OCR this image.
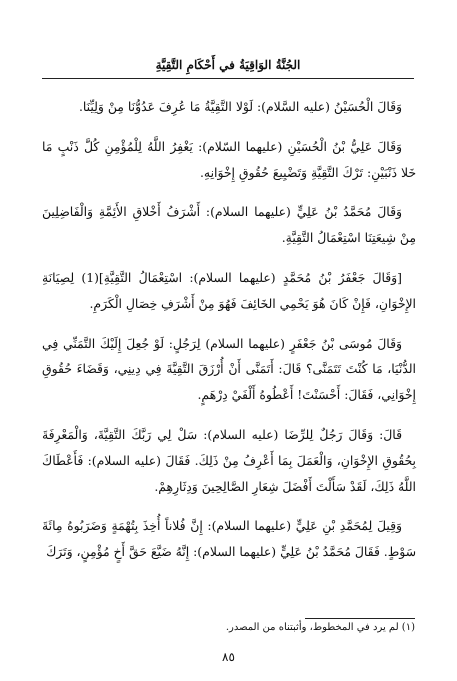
الجُنَّةُ الوَاقِيَةُ في أَحْكَامِ التَّقِيَّةِ

وَقَالَ الْحُسَيْنُ (عليه السَّلام): لَوْلا التَّقِيَّةُ مَا عُرِفَ عَدُوُّنَا مِنْ وَلِيِّنَا.

وَقَالَ عَلِيُّ بْنُ الْحُسَيْنِ (عليهما السّلام): يَغْفِرُ اللَّهُ لِلْمُؤْمِنِ كُلَّ ذَنْبٍ مَا خَلا ذَنْبَيْنِ: تَرْكَ التَّقِيَّةِ وَتَضْيِيعَ حُقُوقِ إِخْوَانِهِ.

وَقَالَ مُحَمَّدُ بْنُ عَلِيٍّ (عليهما السلام): أَشْرَفُ أَخْلاقِ الأَئِمَّةِ وَالْفَاضِلِينَ مِنْ شِيعَتِنَا اسْتِعْمَالُ التَّقِيَّةِ.

[وَقَالَ جَعْفَرُ بْنُ مُحَمَّدٍ (عليهما السلام): اسْتِعْمَالُ التَّقِيَّةِ](1) لِصِيَانَةِ الإِخْوَانِ، فَإِنْ كَانَ هُوَ يَحْمِي الخَائِفَ فَهُوَ مِنْ أَشْرَفِ خِصَالِ الْكَرَمِ.

وَقَالَ مُوسَى بْنُ جَعْفَرٍ (عليهما السلام) لِرَجُلٍ: لَوْ جُعِلَ إِلَيْكَ التَّمَنِّي فِي الدُّنْيَا، مَا كُنْتَ تَتَمَنَّى؟ قَالَ: أَتَمَنَّى أَنْ أُرْزَقَ التَّقِيَّةَ فِي دِينِي، وَقَضَاءَ حُقُوقِ إِخْوَانِي، فَقَالَ: أَحْسَنْتَ! أَعْطُوهُ أَلْفَيْ دِرْهَمٍ.

قَالَ: وَقَالَ رَجُلٌ لِلرِّضَا (عليه السلام): سَلْ لِي رَبَّكَ التَّقِيَّةَ، وَالْمَعْرِفَةَ بِحُقُوقِ الإِخْوَانِ، وَالْعَمَلَ بِمَا أَعْرِفُ مِنْ ذَلِكَ. فَقَالَ (عليه السلام): فَأَعْطَاكَ اللَّهُ ذَلِكَ، لَقَدْ سَأَلْتَ أَفْضَلَ شِعَارِ الصَّالِحِينَ وَدِثَارِهِمْ.

وَقِيلَ لِمُحَمَّدِ بْنِ عَلِيٍّ (عليهما السلام): إِنَّ فُلاناً أُخِذَ بِتُهْمَةٍ وَضَرَبُوهُ مِائَةَ سَوْطٍ. فَقَالَ مُحَمَّدُ بْنُ عَلِيٍّ (عليهما السلام): إِنَّهُ ضَيَّعَ حَقَّ أَخٍ مُؤْمِنٍ، وَتَرَكَ

(١) لم يرد في المخطوط، وأثبتناه من المصدر.
٨٥
